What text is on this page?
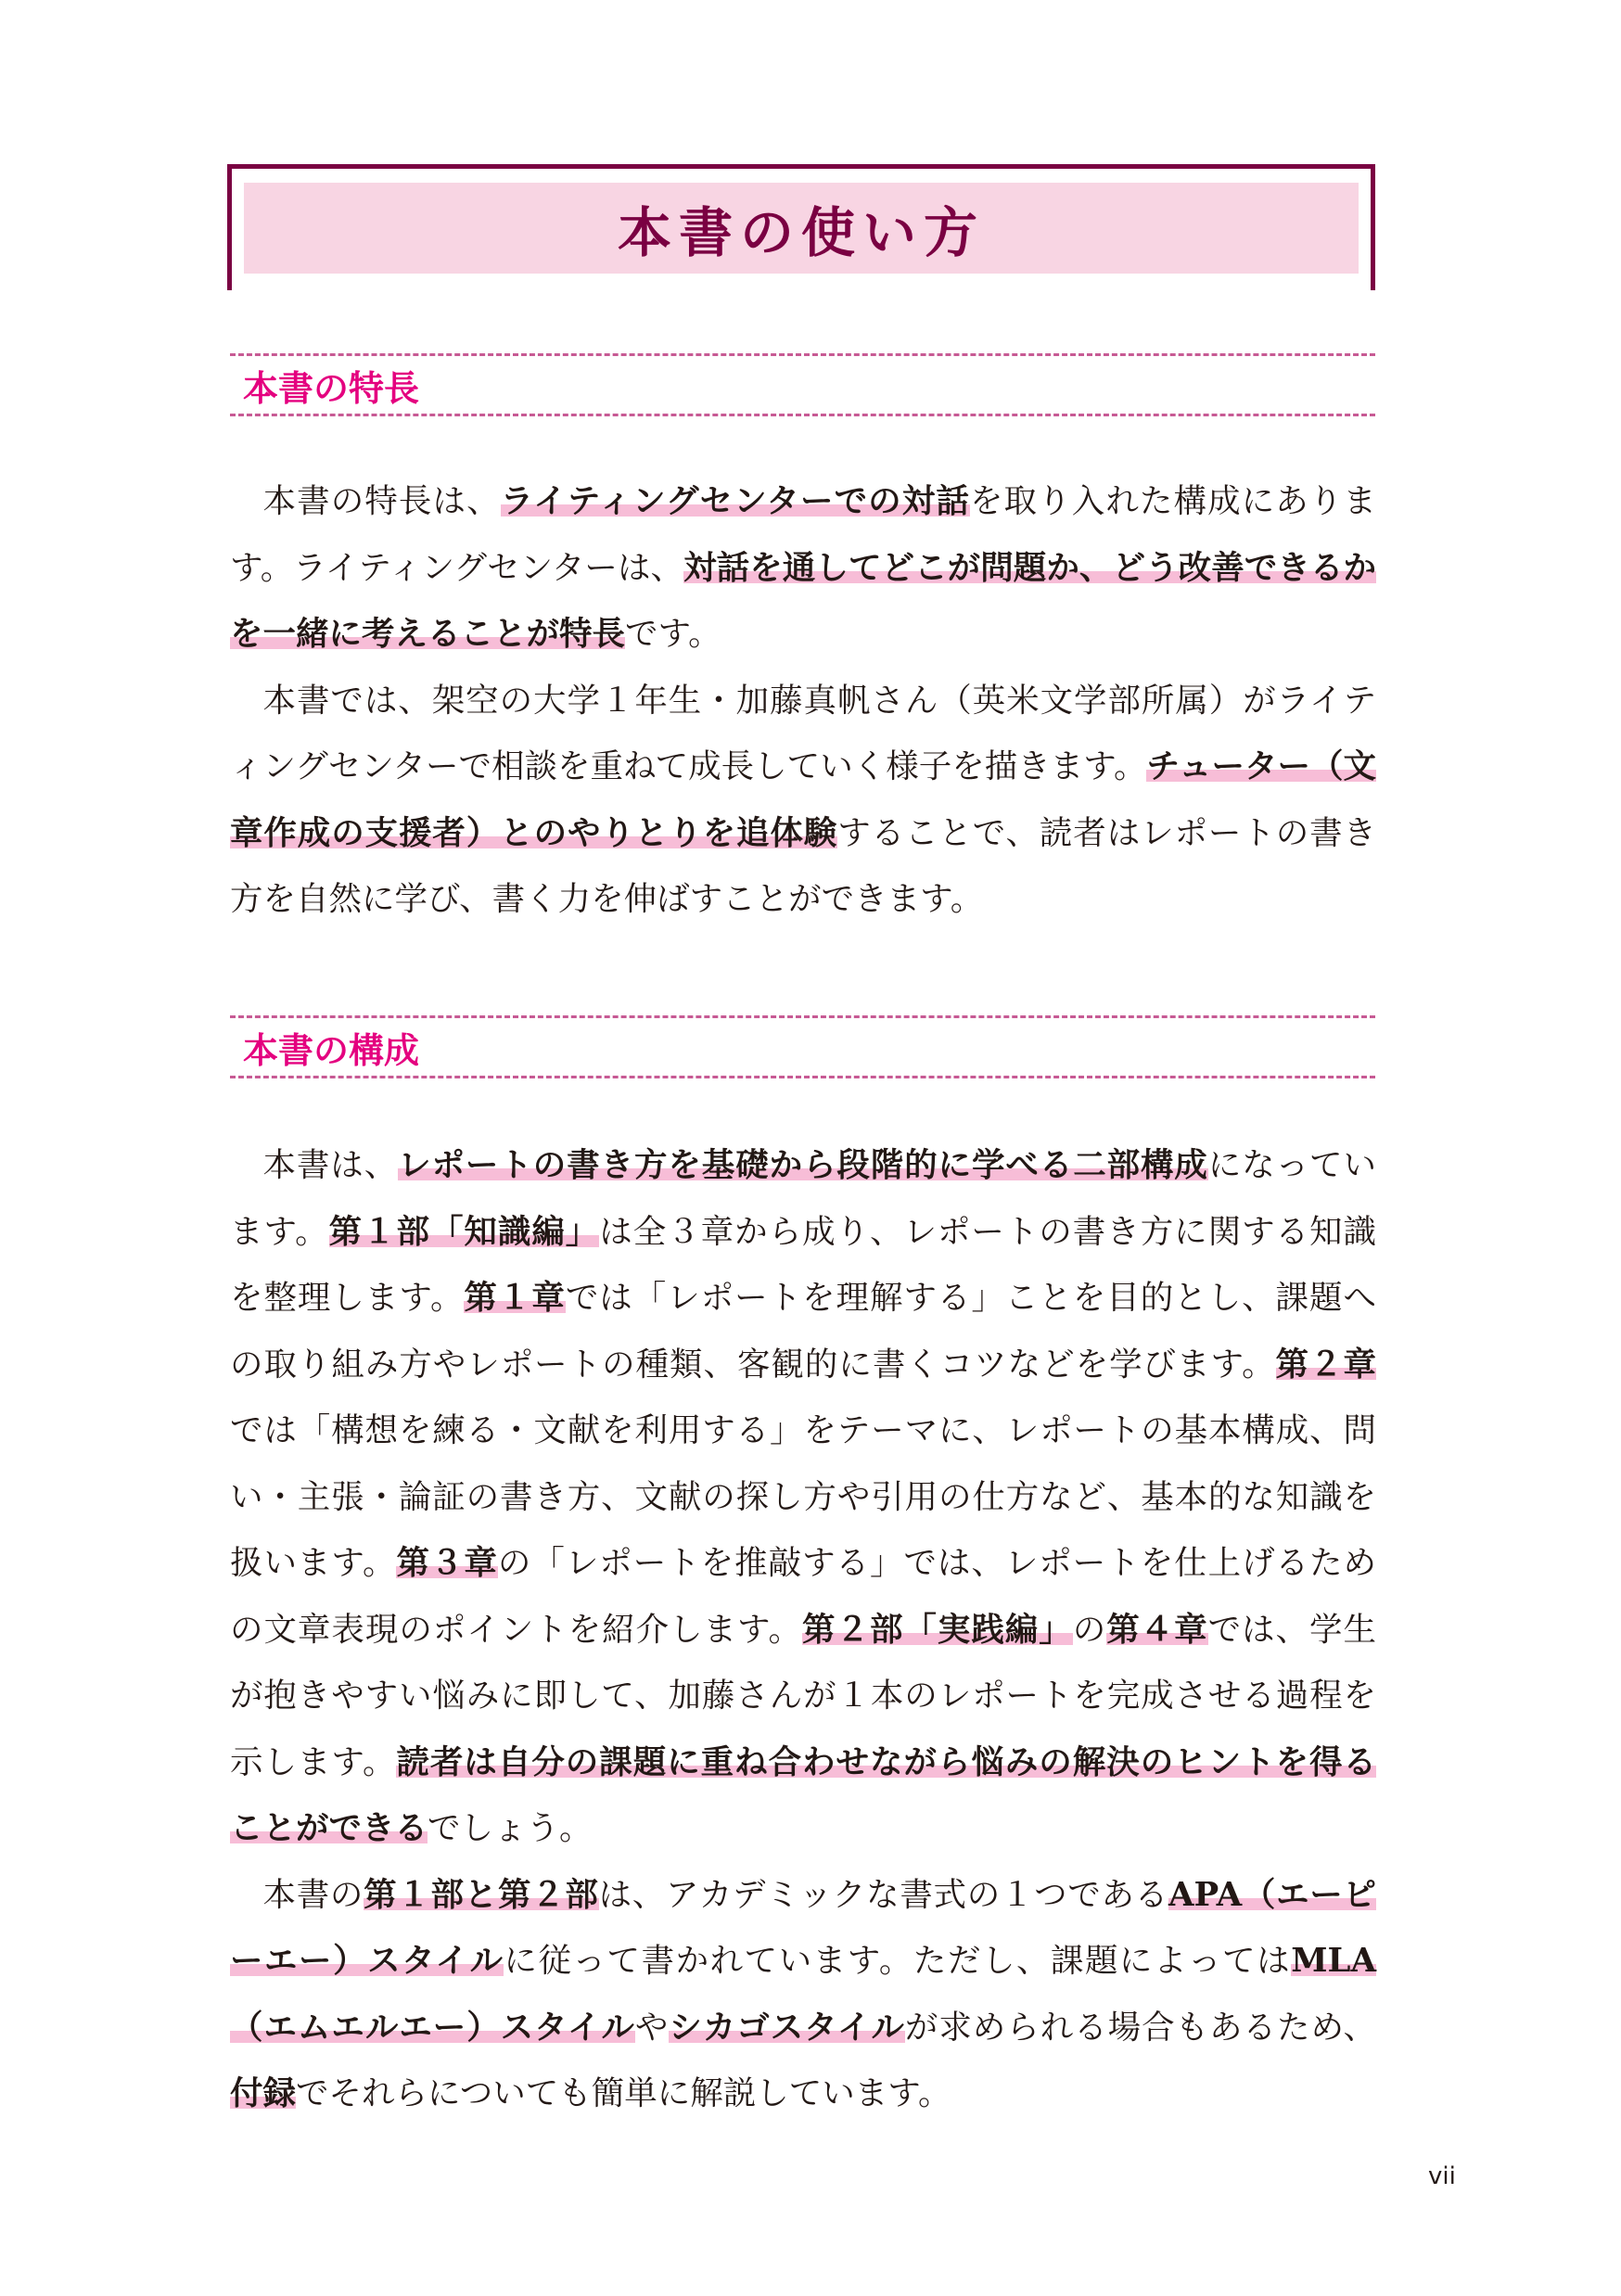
本書の使い方
本書の特長

本書の特長は、ライティングセンターでの対話を取り入れた構成にあります。ライティングセンターは、対話を通してどこが問題か、どう改善できるかを一緒に考えることが特長です。

本書では、架空の大学１年生・加藤真帆さん（英米文学部所属）がライティングセンターで相談を重ねて成長していく様子を描きます。チューター（文章作成の支援者）とのやりとりを追体験することで、読者はレポートの書き方を自然に学び、書く力を伸ばすことができます。

本書の構成

本書は、レポートの書き方を基礎から段階的に学べる二部構成になっています。第１部「知識編」は全３章から成り、レポートの書き方に関する知識を整理します。第１章では「レポートを理解する」ことを目的とし、課題への取り組み方やレポートの種類、客観的に書くコツなどを学びます。第２章では「構想を練る・文献を利用する」をテーマに、レポートの基本構成、問い・主張・論証の書き方、文献の探し方や引用の仕方など、基本的な知識を扱います。第３章の「レポートを推敲する」では、レポートを仕上げるための文章表現のポイントを紹介します。第２部「実践編」の第４章では、学生が抱きやすい悩みに即して、加藤さんが１本のレポートを完成させる過程を示します。読者は自分の課題に重ね合わせながら悩みの解決のヒントを得ることができるでしょう。

本書の第１部と第２部は、アカデミックな書式の１つであるAPA（エーピーエー）スタイルに従って書かれています。ただし、課題によってはMLA（エムエルエー）スタイルやシカゴスタイルが求められる場合もあるため、付録でそれらについても簡単に解説しています。

vii
